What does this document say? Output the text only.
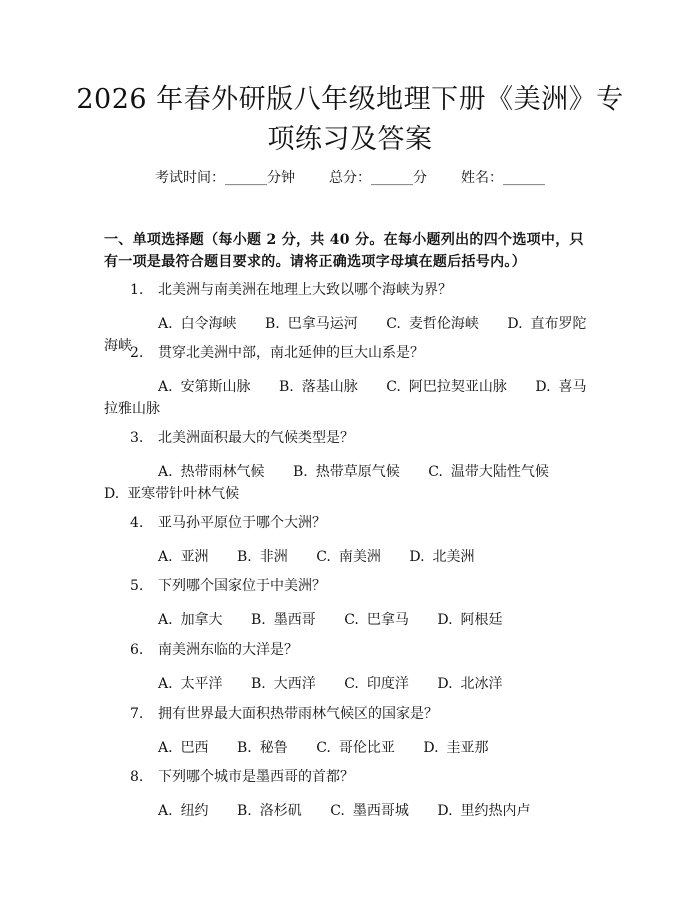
2026 年春外研版八年级地理下册《美洲》专
项练习及答案
考试时间：______分钟 总分：______分 姓名：______
一、单项选择题（每小题 2 分，共 40 分。在每小题列出的四个选项中，只有一项是最符合题目要求的。请将正确选项字母填在题后括号内。）
1. 北美洲与南美洲在地理上大致以哪个海峡为界？
A. 白令海峡 B. 巴拿马运河 C. 麦哲伦海峡 D. 直布罗陀海峡
2. 贯穿北美洲中部，南北延伸的巨大山系是？
A. 安第斯山脉 B. 落基山脉 C. 阿巴拉契亚山脉 D. 喜马拉雅山脉
3. 北美洲面积最大的气候类型是？
A. 热带雨林气候 B. 热带草原气候 C. 温带大陆性气候 D. 亚寒带针叶林气候
4. 亚马孙平原位于哪个大洲？
A. 亚洲 B. 非洲 C. 南美洲 D. 北美洲
5. 下列哪个国家位于中美洲？
A. 加拿大 B. 墨西哥 C. 巴拿马 D. 阿根廷
6. 南美洲东临的大洋是？
A. 太平洋 B. 大西洋 C. 印度洋 D. 北冰洋
7. 拥有世界最大面积热带雨林气候区的国家是？
A. 巴西 B. 秘鲁 C. 哥伦比亚 D. 圭亚那
8. 下列哪个城市是墨西哥的首都？
A. 纽约 B. 洛杉矶 C. 墨西哥城 D. 里约热内卢
